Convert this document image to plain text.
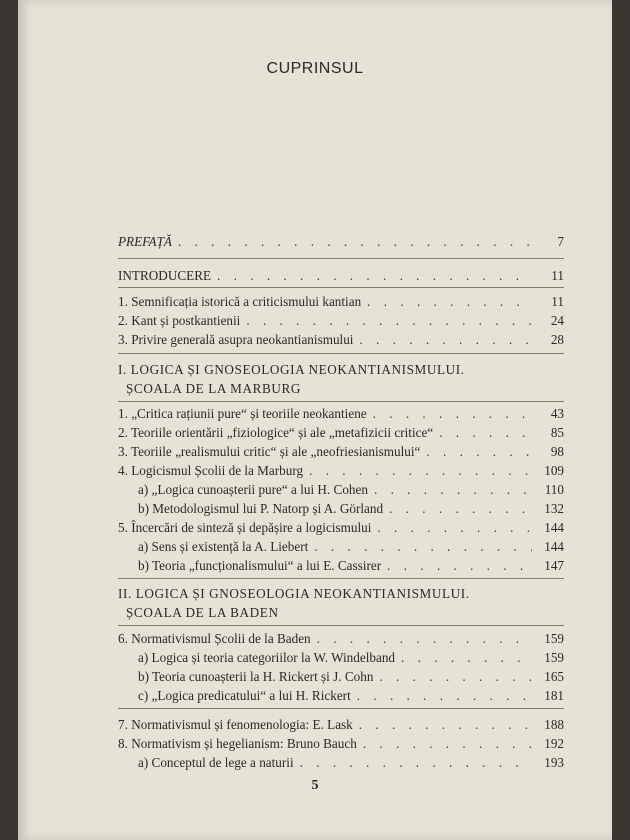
CUPRINSUL
PREFAȚĂ . . .	7
INTRODUCERE . . .	11
1. Semnificația istorică a criticismului kantian . . .	11
2. Kant și postkantienii . . .	24
3. Privire generală asupra neokantianismului . . .	28
I. LOGICA ȘI GNOSEOLOGIA NEOKANTIANISMULUI.
ȘCOALA DE LA MARBURG
1. „Critica rațiunii pure“ și teoriile neokantiene . . .	43
2. Teoriile orientării „fiziologice“ și ale „metafizicii critice“ . . .	85
3. Teoriile „realismului critic“ și ale „neofriesianismului“ . . .	98
4. Logicismul Școlii de la Marburg . . .	109
a) „Logica cunoașterii pure“ a lui H. Cohen . . .	110
b) Metodologismul lui P. Natorp și A. Görland . . .	132
5. Încercări de sinteză și depășire a logicismului . . .	144
a) Sens și existență la A. Liebert . . .	144
b) Teoria „funcționalismului“ a lui E. Cassirer . . .	147
II. LOGICA ȘI GNOSEOLOGIA NEOKANTIANISMULUI.
ȘCOALA DE LA BADEN
6. Normativismul Școlii de la Baden . . .	159
a) Logica și teoria categoriilor la W. Windelband . . .	159
b) Teoria cunoașterii la H. Rickert și J. Cohn . . .	165
c) „Logica predicatului“ a lui H. Rickert . . .	181
7. Normativismul și fenomenologia: E. Lask . . .	188
8. Normativism și hegelianism: Bruno Bauch . . .	192
a) Conceptul de lege a naturii . . .	193
5
